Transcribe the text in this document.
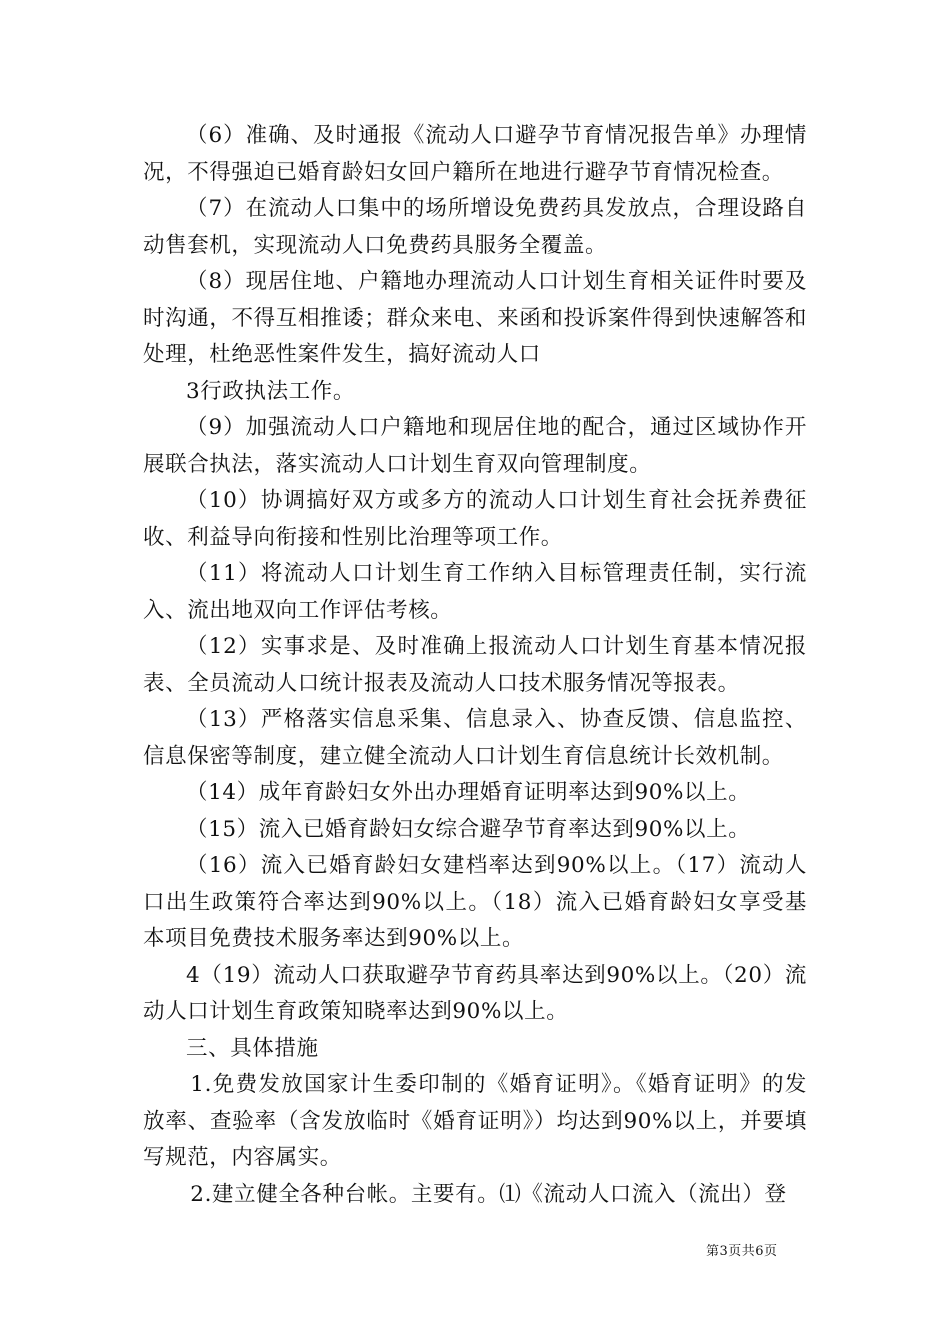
（6）准确、及时通报《流动人口避孕节育情况报告单》办理情况，不得强迫已婚育龄妇女回户籍所在地进行避孕节育情况检查。

（7）在流动人口集中的场所增设免费药具发放点，合理设路自动售套机，实现流动人口免费药具服务全覆盖。

（8）现居住地、户籍地办理流动人口计划生育相关证件时要及时沟通，不得互相推诿；群众来电、来函和投诉案件得到快速解答和处理，杜绝恶性案件发生，搞好流动人口

3行政执法工作。

（9）加强流动人口户籍地和现居住地的配合，通过区域协作开展联合执法，落实流动人口计划生育双向管理制度。

（10）协调搞好双方或多方的流动人口计划生育社会抚养费征收、利益导向衔接和性别比治理等项工作。

（11）将流动人口计划生育工作纳入目标管理责任制，实行流入、流出地双向工作评估考核。

（12）实事求是、及时准确上报流动人口计划生育基本情况报表、全员流动人口统计报表及流动人口技术服务情况等报表。

（13）严格落实信息采集、信息录入、协查反馈、信息监控、信息保密等制度，建立健全流动人口计划生育信息统计长效机制。

（14）成年育龄妇女外出办理婚育证明率达到90%以上。

（15）流入已婚育龄妇女综合避孕节育率达到90%以上。

（16）流入已婚育龄妇女建档率达到90%以上。（17）流动人口出生政策符合率达到90%以上。（18）流入已婚育龄妇女享受基本项目免费技术服务率达到90%以上。

4（19）流动人口获取避孕节育药具率达到90%以上。（20）流动人口计划生育政策知晓率达到90%以上。

三、具体措施

1.免费发放国家计生委印制的《婚育证明》。《婚育证明》的发放率、查验率（含发放临时《婚育证明》）均达到90%以上，并要填写规范，内容属实。

2.建立健全各种台帐。主要有。⑴《流动人口流入（流出）登

第3页共6页
